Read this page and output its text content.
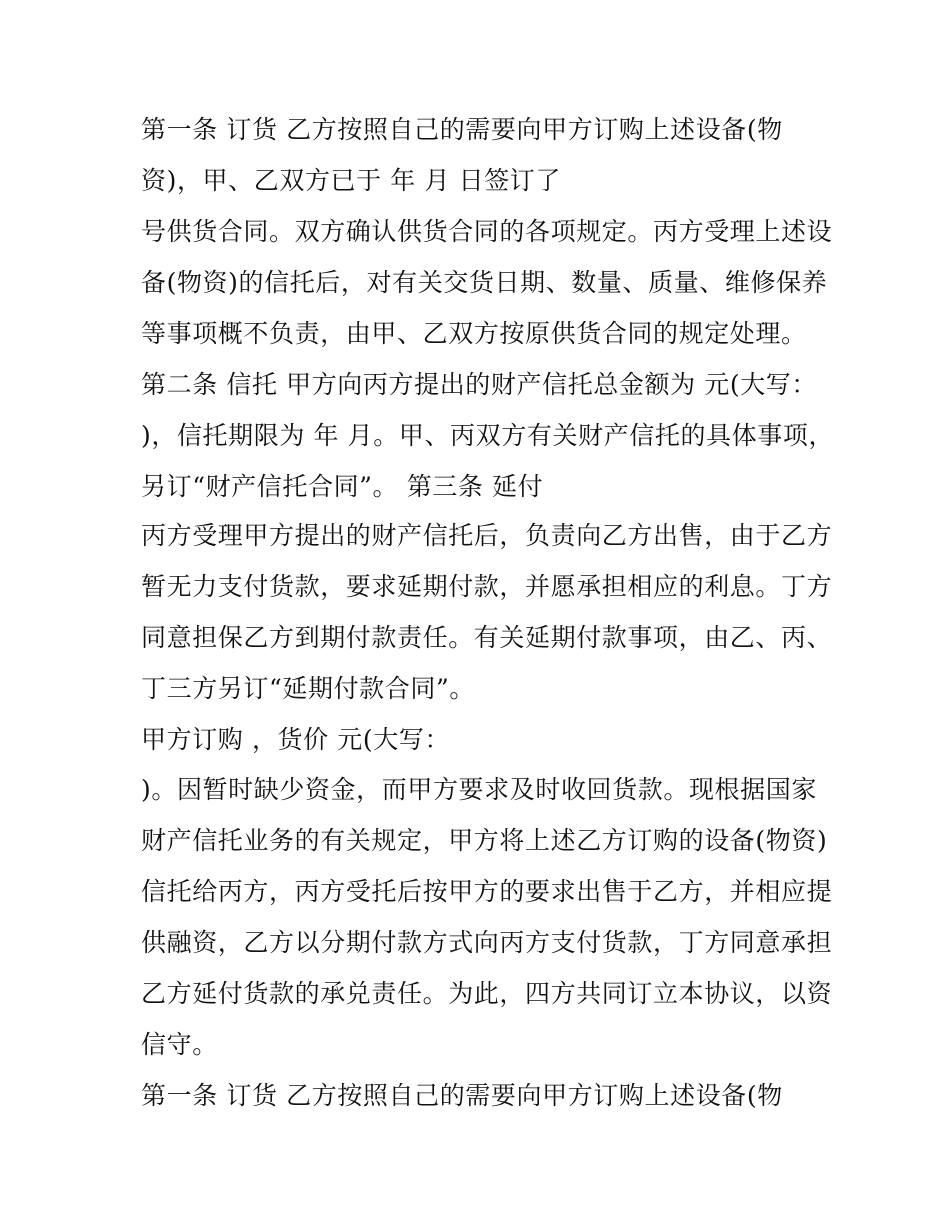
第一条 订货 乙方按照自己的需要向甲方订购上述设备(物

资)，甲、乙双方已于 年 月 日签订了

号供货合同。双方确认供货合同的各项规定。丙方受理上述设

备(物资)的信托后，对有关交货日期、数量、质量、维修保养

等事项概不负责，由甲、乙双方按原供货合同的规定处理。

第二条 信托 甲方向丙方提出的财产信托总金额为 元(大写：

)，信托期限为 年 月。甲、丙双方有关财产信托的具体事项，

另订“财产信托合同”。 第三条 延付

丙方受理甲方提出的财产信托后，负责向乙方出售，由于乙方

暂无力支付货款，要求延期付款，并愿承担相应的利息。丁方

同意担保乙方到期付款责任。有关延期付款事项，由乙、丙、

丁三方另订“延期付款合同”。

甲方订购 ，货价 元(大写：

)。因暂时缺少资金，而甲方要求及时收回货款。现根据国家

财产信托业务的有关规定，甲方将上述乙方订购的设备(物资)

信托给丙方，丙方受托后按甲方的要求出售于乙方，并相应提

供融资，乙方以分期付款方式向丙方支付货款，丁方同意承担

乙方延付货款的承兑责任。为此，四方共同订立本协议，以资

信守。

第一条 订货 乙方按照自己的需要向甲方订购上述设备(物
